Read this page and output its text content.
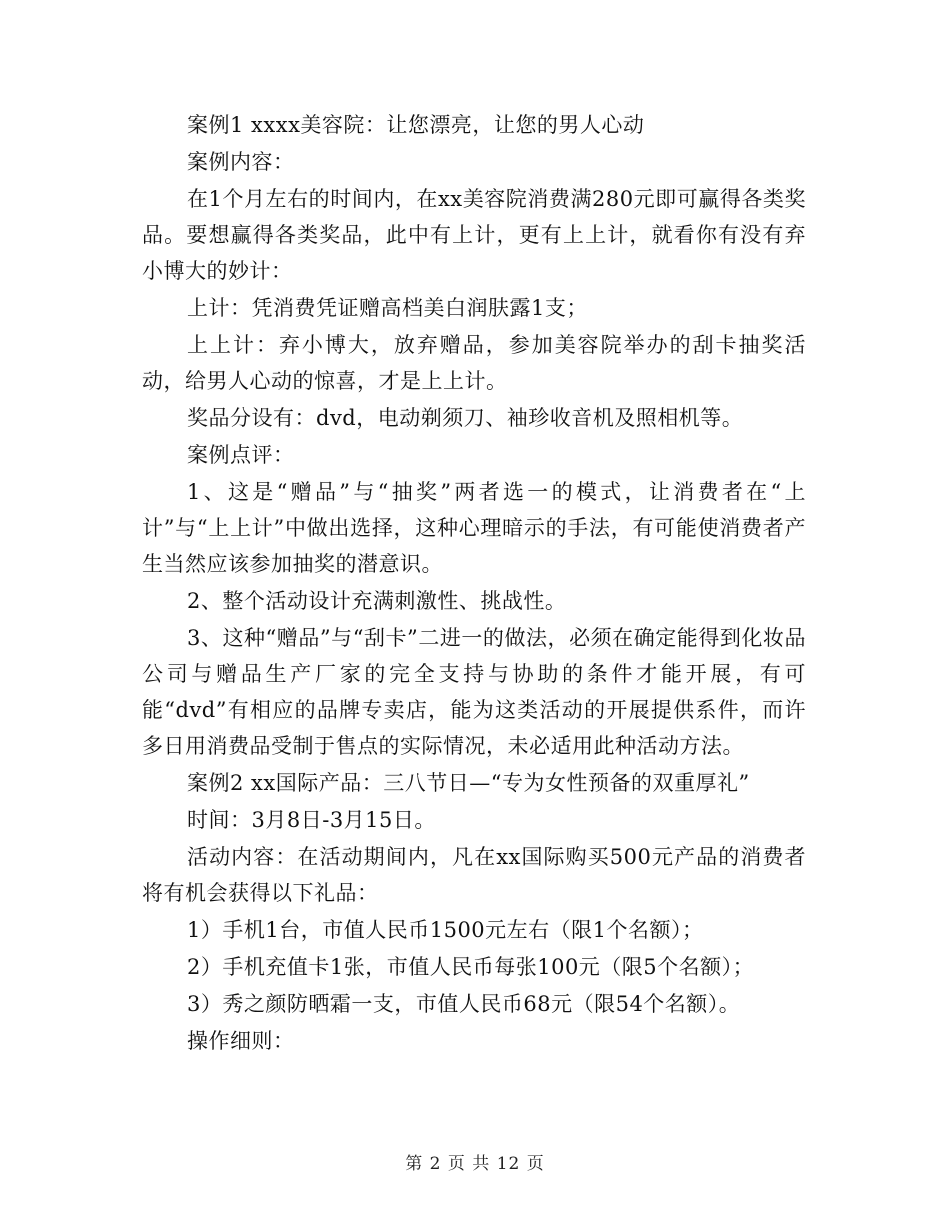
案例1 xxxx美容院：让您漂亮，让您的男人心动

案例内容：

在1个月左右的时间内，在xx美容院消费满280元即可赢得各类奖品。要想赢得各类奖品，此中有上计，更有上上计，就看你有没有弃小博大的妙计：

上计：凭消费凭证赠高档美白润肤露1支；

上上计：弃小博大，放弃赠品，参加美容院举办的刮卡抽奖活动，给男人心动的惊喜，才是上上计。

奖品分设有：dvd，电动剃须刀、袖珍收音机及照相机等。

案例点评：

1、这是“赠品”与“抽奖”两者选一的模式，让消费者在“上计”与“上上计”中做出选择，这种心理暗示的手法，有可能使消费者产生当然应该参加抽奖的潜意识。

2、整个活动设计充满刺激性、挑战性。

3、这种“赠品”与“刮卡”二进一的做法，必须在确定能得到化妆品公司与赠品生产厂家的完全支持与协助的条件才能开展，有可能“dvd”有相应的品牌专卖店，能为这类活动的开展提供系件，而许多日用消费品受制于售点的实际情况，未必适用此种活动方法。

案例2 xx国际产品：三八节日—“专为女性预备的双重厚礼”

时间：3月8日-3月15日。

活动内容：在活动期间内，凡在xx国际购买500元产品的消费者将有机会获得以下礼品：

1）手机1台，市值人民币1500元左右（限1个名额）；

2）手机充值卡1张，市值人民币每张100元（限5个名额）；

3）秀之颜防晒霜一支，市值人民币68元（限54个名额）。

操作细则：

第 2 页 共 12 页
